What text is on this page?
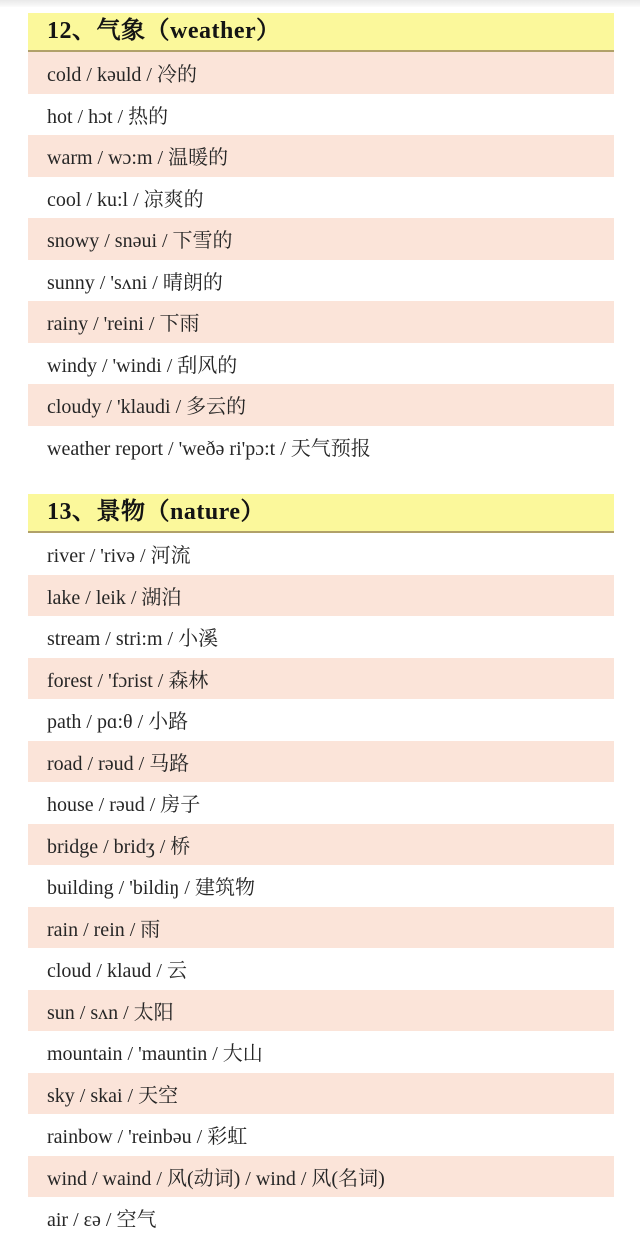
12、气象（weather）
cold / kəuld / 冷的
hot / hɔt / 热的
warm / wɔ:m / 温暖的
cool / ku:l / 凉爽的
snowy / snəui / 下雪的
sunny / 'sʌni / 晴朗的
rainy / 'reini / 下雨
windy / 'windi / 刮风的
cloudy / 'klaudi / 多云的
weather report / 'weðə ri'pɔ:t / 天气预报
13、景物（nature）
river / 'rivə / 河流
lake / leik / 湖泊
stream / stri:m / 小溪
forest / 'fɔrist / 森林
path / pɑ:θ / 小路
road / rəud / 马路
house / rəud / 房子
bridge / bridʒ / 桥
building / 'bildiŋ / 建筑物
rain / rein / 雨
cloud / klaud / 云
sun / sʌn / 太阳
mountain / 'mauntin / 大山
sky / skai / 天空
rainbow / 'reinbəu / 彩虹
wind / waind / 风(动词) / wind / 风(名词)
air / ɛə / 空气
